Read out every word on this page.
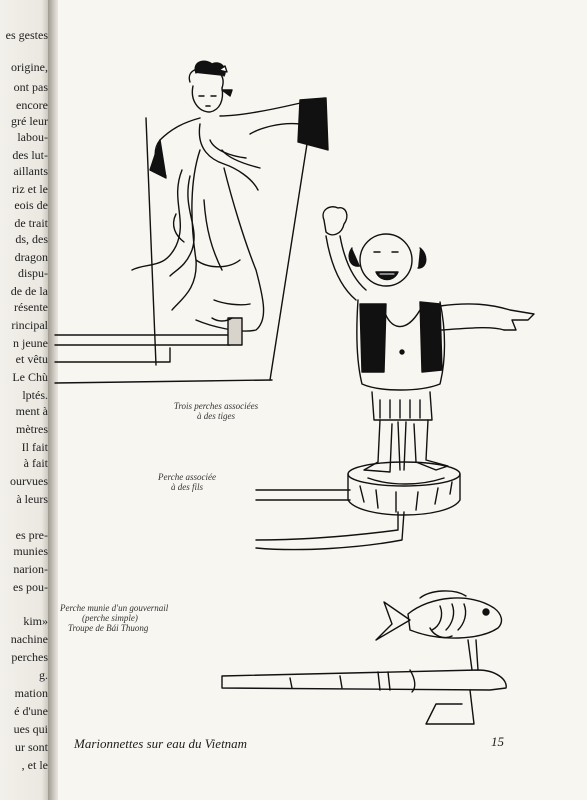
es gestes
origine,
ont pas
encore
gré leur
labou-
des lut-
aillants
riz et le
eois de
de trait
ds, des
dragon
dispu-
de de la
résente
rincipal
n jeune
et vêtu
Le Chù
lptés.
ment à
mètres
Il fait
à fait
ourvues
à leurs
es pre-
munies
narion-
es pou-
kim»
nachine
perches
g.
mation
é d'une
ues qui
ur sont
, et le
Trois perches associées
à des tiges
Perche associée
à des fils
Perche munie d'un gouvernail
(perche simple)
Troupe de Bái Thuong
Marionnettes sur eau du Vietnam	15
